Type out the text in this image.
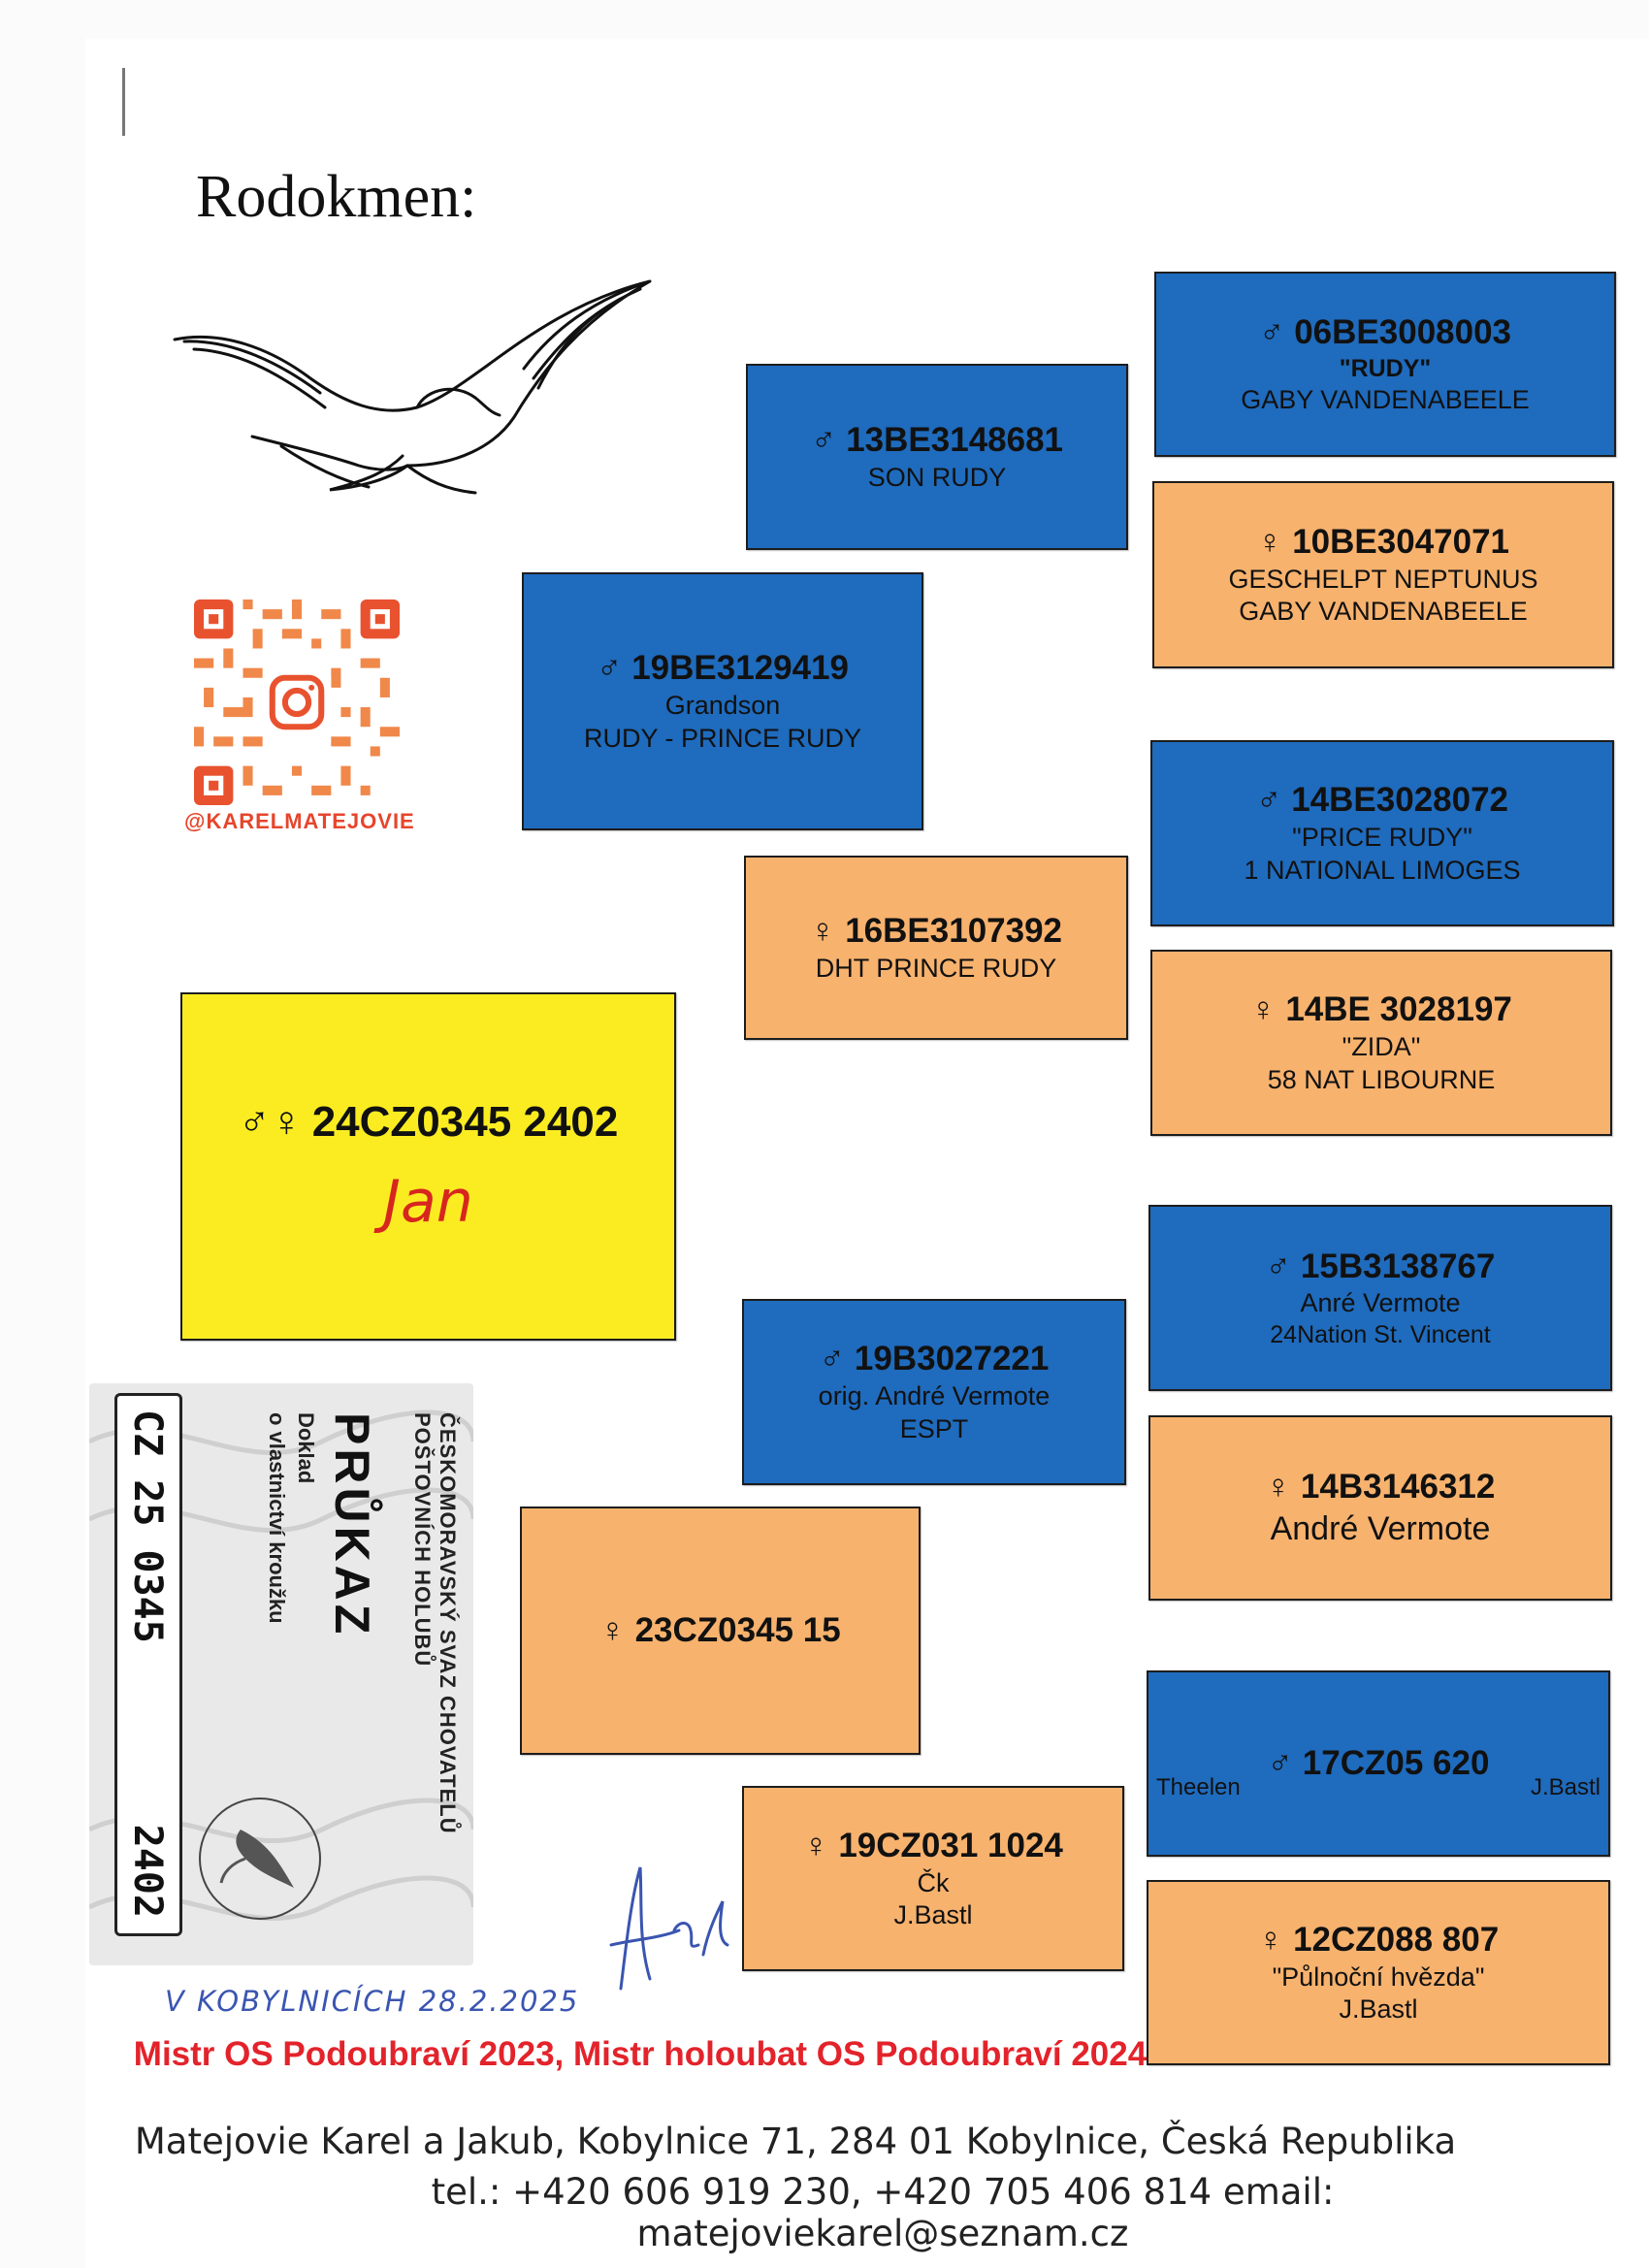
Rodokmen:
@KARELMATEJOVIE
♂♀ 24CZ0345 2402
Jan
♂ 19BE3129419
Grandson
RUDY - PRINCE RUDY
♀ 23CZ0345 15
♂ 13BE3148681
SON RUDY
♀ 16BE3107392
DHT PRINCE RUDY
♂ 19B3027221
orig. André Vermote
ESPT
♀ 19CZ031 1024
Čk
J.Bastl
♂ 06BE3008003
"RUDY"
GABY VANDENABEELE
♀ 10BE3047071
GESCHELPT NEPTUNUS
GABY VANDENABEELE
♂ 14BE3028072
"PRICE RUDY"
1 NATIONAL LIMOGES
♀ 14BE 3028197
"ZIDA"
58 NAT LIBOURNE
♂ 15B3138767
Anré Vermote
24Nation St. Vincent
♀ 14B3146312
André Vermote
♂ 17CZ05 620
Theelen	J.Bastl
♀ 12CZ088 807
"Půlnoční hvězda"
J.Bastl
ČESKOMORAVSKÝ SVAZ CHOVATELŮ
POŠTOVNÍCH HOLUBŮ
PRŮKAZ
Doklad
o vlastnictví kroužku
CZ 25 0345
2402
V KOBYLNICÍCH 28.2.2025
Mistr OS Podoubraví 2023, Mistr holoubat OS Podoubraví 2024
Matejovie Karel a Jakub, Kobylnice 71, 284 01 Kobylnice, Česká Republika
tel.: +420 606 919 230, +420 705 406 814 email: matejoviekarel@seznam.cz
